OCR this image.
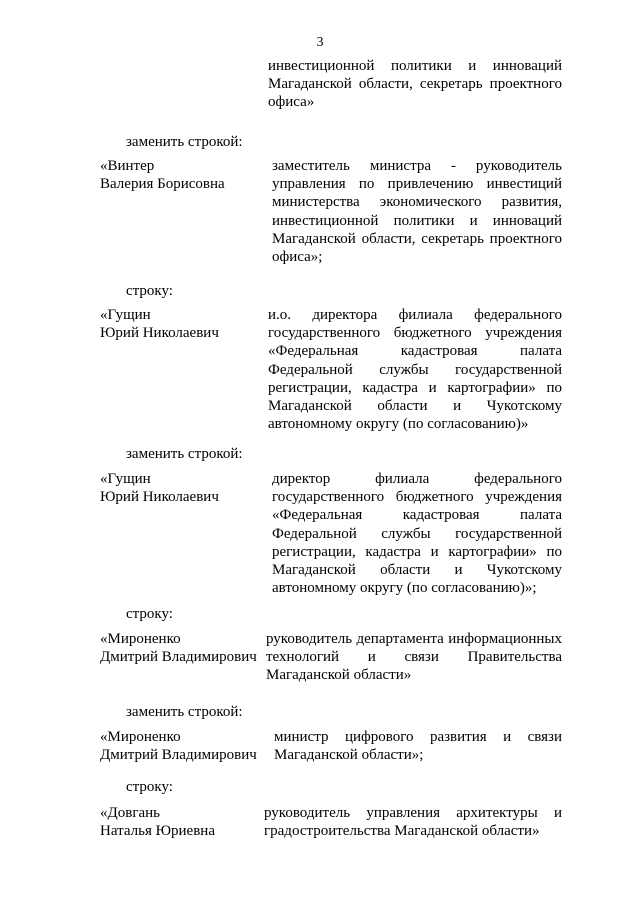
3
инвестиционной политики и инноваций Магаданской области, секретарь проектного офиса»
заменить строкой:
«Винтер
Валерия Борисовна
заместитель министра - руководитель управления по привлечению инвестиций министерства экономического развития, инвестиционной политики и инноваций Магаданской области, секретарь проектного офиса»;
строку:
«Гущин
Юрий Николаевич
и.о. директора филиала федерального государственного бюджетного учреждения «Федеральная кадастровая палата Федеральной службы государственной регистрации, кадастра и картографии» по Магаданской области и Чукотскому автономному округу (по согласованию)»
заменить строкой:
«Гущин
Юрий Николаевич
директор филиала федерального государственного бюджетного учреждения «Федеральная кадастровая палата Федеральной службы государственной регистрации, кадастра и картографии» по Магаданской области и Чукотскому автономному округу (по согласованию)»;
строку:
«Мироненко
Дмитрий Владимирович
руководитель департамента информационных технологий и связи Правительства Магаданской области»
заменить строкой:
«Мироненко
Дмитрий Владимирович
министр цифрового развития и связи Магаданской области»;
строку:
«Довгань
Наталья Юриевна
руководитель управления архитектуры и градостроительства Магаданской области»
